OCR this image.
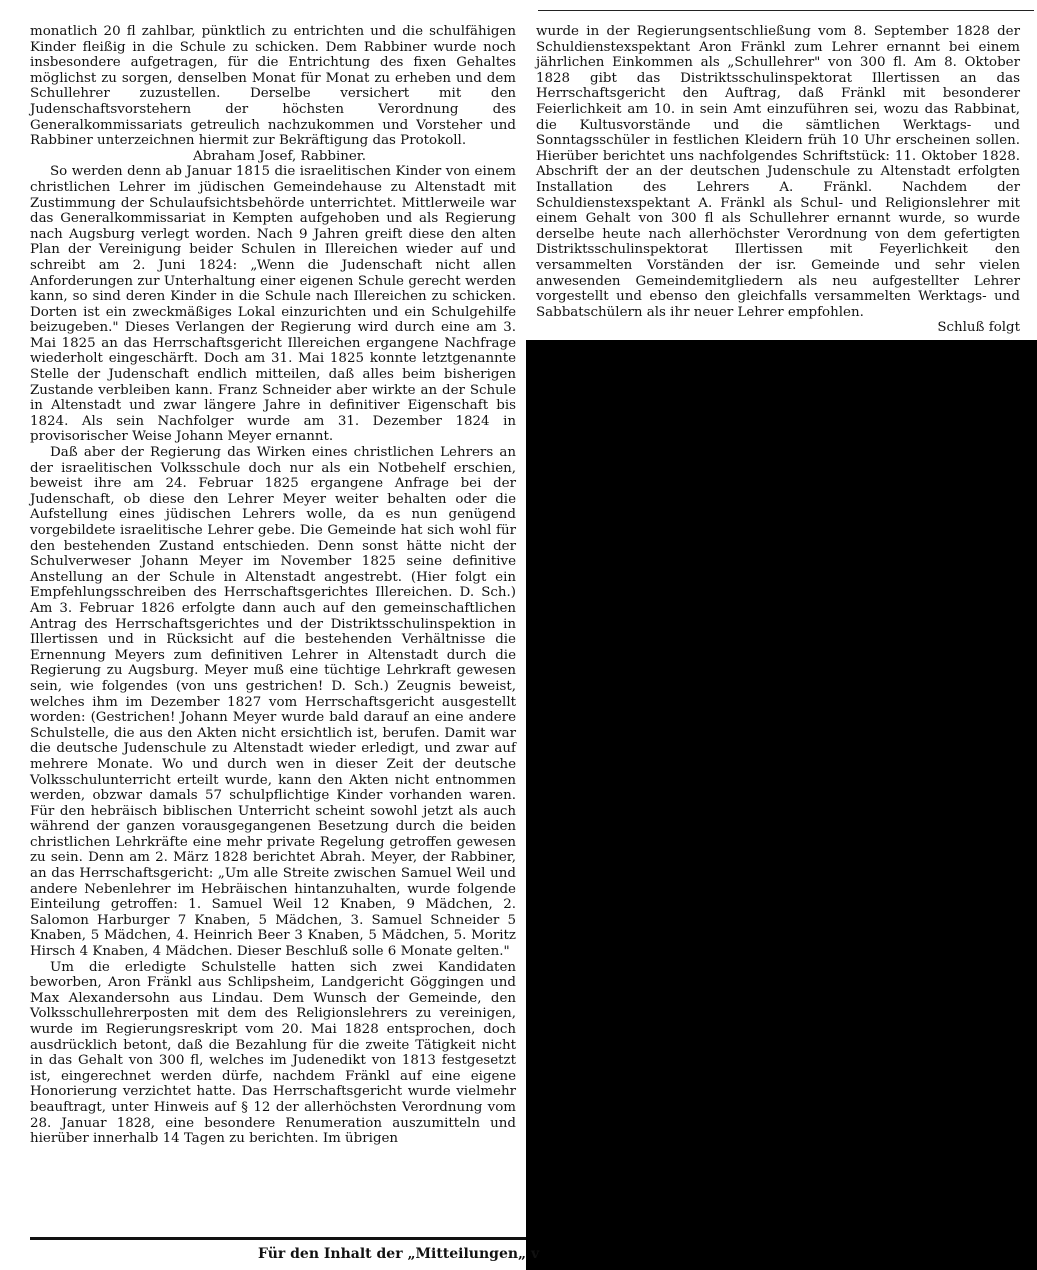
monatlich 20 fl zahlbar, pünktlich zu entrichten und die schulfähigen Kinder fleißig in die Schule zu schicken. Dem Rabbiner wurde noch insbesondere aufgetragen, für die Entrichtung des fixen Gehaltes möglichst zu sorgen, denselben Monat für Monat zu erheben und dem Schullehrer zuzustellen. Derselbe versichert mit den Judenschaftsvorstehern der höchsten Verordnung des Generalkommissariats getreulich nachzukommen und Vorsteher und Rabbiner unterzeichnen hiermit zur Bekräftigung das Protokoll.

Abraham Josef, Rabbiner.

So werden denn ab Januar 1815 die israelitischen Kinder von einem christlichen Lehrer im jüdischen Gemeindehause zu Altenstadt mit Zustimmung der Schulaufsichtsbehörde unterrichtet. Mittlerweile war das Generalkommissariat in Kempten aufgehoben und als Regierung nach Augsburg verlegt worden. Nach 9 Jahren greift diese den alten Plan der Vereinigung beider Schulen in Illereichen wieder auf und schreibt am 2. Juni 1824: „Wenn die Judenschaft nicht allen Anforderungen zur Unterhaltung einer eigenen Schule gerecht werden kann, so sind deren Kinder in die Schule nach Illereichen zu schicken. Dorten ist ein zweckmäßiges Lokal einzurichten und ein Schulgehilfe beizugeben." Dieses Verlangen der Regierung wird durch eine am 3. Mai 1825 an das Herrschaftsgericht Illereichen ergangene Nachfrage wiederholt eingeschärft. Doch am 31. Mai 1825 konnte letztgenannte Stelle der Judenschaft endlich mitteilen, daß alles beim bisherigen Zustande verbleiben kann. Franz Schneider aber wirkte an der Schule in Altenstadt und zwar längere Jahre in definitiver Eigenschaft bis 1824. Als sein Nachfolger wurde am 31. Dezember 1824 in provisorischer Weise Johann Meyer ernannt.

Daß aber der Regierung das Wirken eines christlichen Lehrers an der israelitischen Volksschule doch nur als ein Notbehelf erschien, beweist ihre am 24. Februar 1825 ergangene Anfrage bei der Judenschaft, ob diese den Lehrer Meyer weiter behalten oder die Aufstellung eines jüdischen Lehrers wolle, da es nun genügend vorgebildete israelitische Lehrer gebe. Die Gemeinde hat sich wohl für den bestehenden Zustand entschieden. Denn sonst hätte nicht der Schulverweser Johann Meyer im November 1825 seine definitive Anstellung an der Schule in Altenstadt angestrebt. (Hier folgt ein Empfehlungsschreiben des Herrschaftsgerichtes Illereichen. D. Sch.) Am 3. Februar 1826 erfolgte dann auch auf den gemeinschaftlichen Antrag des Herrschaftsgerichtes und der Distriktsschulinspektion in Illertissen und in Rücksicht auf die bestehenden Verhältnisse die Ernennung Meyers zum definitiven Lehrer in Altenstadt durch die Regierung zu Augsburg. Meyer muß eine tüchtige Lehrkraft gewesen sein, wie folgendes (von uns gestrichen! D. Sch.) Zeugnis beweist, welches ihm im Dezember 1827 vom Herrschaftsgericht ausgestellt worden: (Gestrichen! Johann Meyer wurde bald darauf an eine andere Schulstelle, die aus den Akten nicht ersichtlich ist, berufen. Damit war die deutsche Judenschule zu Altenstadt wieder erledigt, und zwar auf mehrere Monate. Wo und durch wen in dieser Zeit der deutsche Volksschulunterricht erteilt wurde, kann den Akten nicht entnommen werden, obzwar damals 57 schulpflichtige Kinder vorhanden waren. Für den hebräisch biblischen Unterricht scheint sowohl jetzt als auch während der ganzen vorausgegangenen Besetzung durch die beiden christlichen Lehrkräfte eine mehr private Regelung getroffen gewesen zu sein. Denn am 2. März 1828 berichtet Abrah. Meyer, der Rabbiner, an das Herrschaftsgericht: „Um alle Streite zwischen Samuel Weil und andere Nebenlehrer im Hebräischen hintanzuhalten, wurde folgende Einteilung getroffen: 1. Samuel Weil 12 Knaben, 9 Mädchen, 2. Salomon Harburger 7 Knaben, 5 Mädchen, 3. Samuel Schneider 5 Knaben, 5 Mädchen, 4. Heinrich Beer 3 Knaben, 5 Mädchen, 5. Moritz Hirsch 4 Knaben, 4 Mädchen. Dieser Beschluß solle 6 Monate gelten."

Um die erledigte Schulstelle hatten sich zwei Kandidaten beworben, Aron Fränkl aus Schlipsheim, Landgericht Göggingen und Max Alexandersohn aus Lindau. Dem Wunsch der Gemeinde, den Volksschullehrerposten mit dem des Religionslehrers zu vereinigen, wurde im Regierungsreskript vom 20. Mai 1828 entsprochen, doch ausdrücklich betont, daß die Bezahlung für die zweite Tätigkeit nicht in das Gehalt von 300 fl, welches im Judenedikt von 1813 festgesetzt ist, eingerechnet werden dürfe, nachdem Fränkl auf eine eigene Honorierung verzichtet hatte. Das Herrschaftsgericht wurde vielmehr beauftragt, unter Hinweis auf § 12 der allerhöchsten Verordnung vom 28. Januar 1828, eine besondere Renumeration auszumitteln und hierüber innerhalb 14 Tagen zu berichten. Im übrigen

wurde in der Regierungsentschließung vom 8. September 1828 der Schuldienstexspektant Aron Fränkl zum Lehrer ernannt bei einem jährlichen Einkommen als „Schullehrer" von 300 fl. Am 8. Oktober 1828 gibt das Distriktsschulinspektorat Illertissen an das Herrschaftsgericht den Auftrag, daß Fränkl mit besonderer Feierlichkeit am 10. in sein Amt einzuführen sei, wozu das Rabbinat, die Kultusvorstände und die sämtlichen Werktags- und Sonntagsschüler in festlichen Kleidern früh 10 Uhr erscheinen sollen. Hierüber berichtet uns nachfolgendes Schriftstück: 11. Oktober 1828. Abschrift der an der deutschen Judenschule zu Altenstadt erfolgten Installation des Lehrers A. Fränkl. Nachdem der Schuldienstexspektant A. Fränkl als Schul- und Religionslehrer mit einem Gehalt von 300 fl als Schullehrer ernannt wurde, so wurde derselbe heute nach allerhöchster Verordnung von dem gefertigten Distriktsschulinspektorat Illertissen mit Feyerlichkeit den versammelten Vorständen der isr. Gemeinde und sehr vielen anwesenden Gemeindemitgliedern als neu aufgestellter Lehrer vorgestellt und ebenso den gleichfalls versammelten Werktags- und Sabbatschülern als ihr neuer Lehrer empfohlen.

Schluß folgt

Für den Inhalt der „Mitteilungen„ v
